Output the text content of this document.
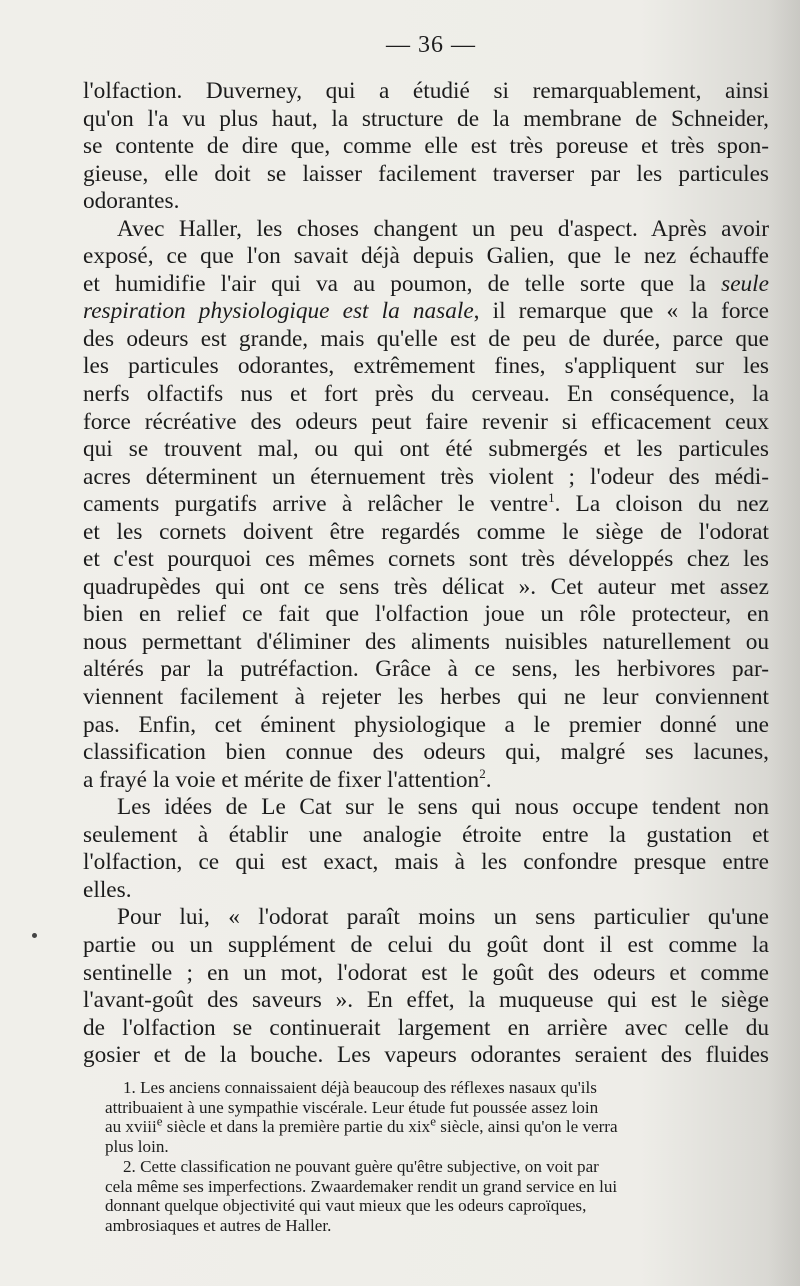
— 36 —

l'olfaction. Duverney, qui a étudié si remarquablement, ainsi

qu'on l'a vu plus haut, la structure de la membrane de Schneider,

se contente de dire que, comme elle est très poreuse et très spon-

gieuse, elle doit se laisser facilement traverser par les particules

odorantes.

Avec Haller, les choses changent un peu d'aspect. Après avoir

exposé, ce que l'on savait déjà depuis Galien, que le nez échauffe

et humidifie l'air qui va au poumon, de telle sorte que la seule

respiration physiologique est la nasale, il remarque que « la force

des odeurs est grande, mais qu'elle est de peu de durée, parce que

les particules odorantes, extrêmement fines, s'appliquent sur les

nerfs olfactifs nus et fort près du cerveau. En conséquence, la

force récréative des odeurs peut faire revenir si efficacement ceux

qui se trouvent mal, ou qui ont été submergés et les particules

acres déterminent un éternuement très violent ; l'odeur des médi-

caments purgatifs arrive à relâcher le ventre$^1$. La cloison du nez

et les cornets doivent être regardés comme le siège de l'odorat

et c'est pourquoi ces mêmes cornets sont très développés chez les

quadrupèdes qui ont ce sens très délicat ». Cet auteur met assez

bien en relief ce fait que l'olfaction joue un rôle protecteur, en

nous permettant d'éliminer des aliments nuisibles naturellement ou

altérés par la putréfaction. Grâce à ce sens, les herbivores par-

viennent facilement à rejeter les herbes qui ne leur conviennent

pas. Enfin, cet éminent physiologique a le premier donné une

classification bien connue des odeurs qui, malgré ses lacunes,

a frayé la voie et mérite de fixer l'attention$^2$.

Les idées de Le Cat sur le sens qui nous occupe tendent non

seulement à établir une analogie étroite entre la gustation et

l'olfaction, ce qui est exact, mais à les confondre presque entre

elles.

Pour lui, « l'odorat paraît moins un sens particulier qu'une

partie ou un supplément de celui du goût dont il est comme la

sentinelle ; en un mot, l'odorat est le goût des odeurs et comme

l'avant-goût des saveurs ». En effet, la muqueuse qui est le siège

de l'olfaction se continuerait largement en arrière avec celle du

gosier et de la bouche. Les vapeurs odorantes seraient des fluides

1. Les anciens connaissaient déjà beaucoup des réflexes nasaux qu'ils

attribuaient à une sympathie viscérale. Leur étude fut poussée assez loin

au xviii$^e$ siècle et dans la première partie du xix$^e$ siècle, ainsi qu'on le verra

plus loin.

2. Cette classification ne pouvant guère qu'être subjective, on voit par

cela même ses imperfections. Zwaardemaker rendit un grand service en lui

donnant quelque objectivité qui vaut mieux que les odeurs caproïques,

ambrosiaques et autres de Haller.
